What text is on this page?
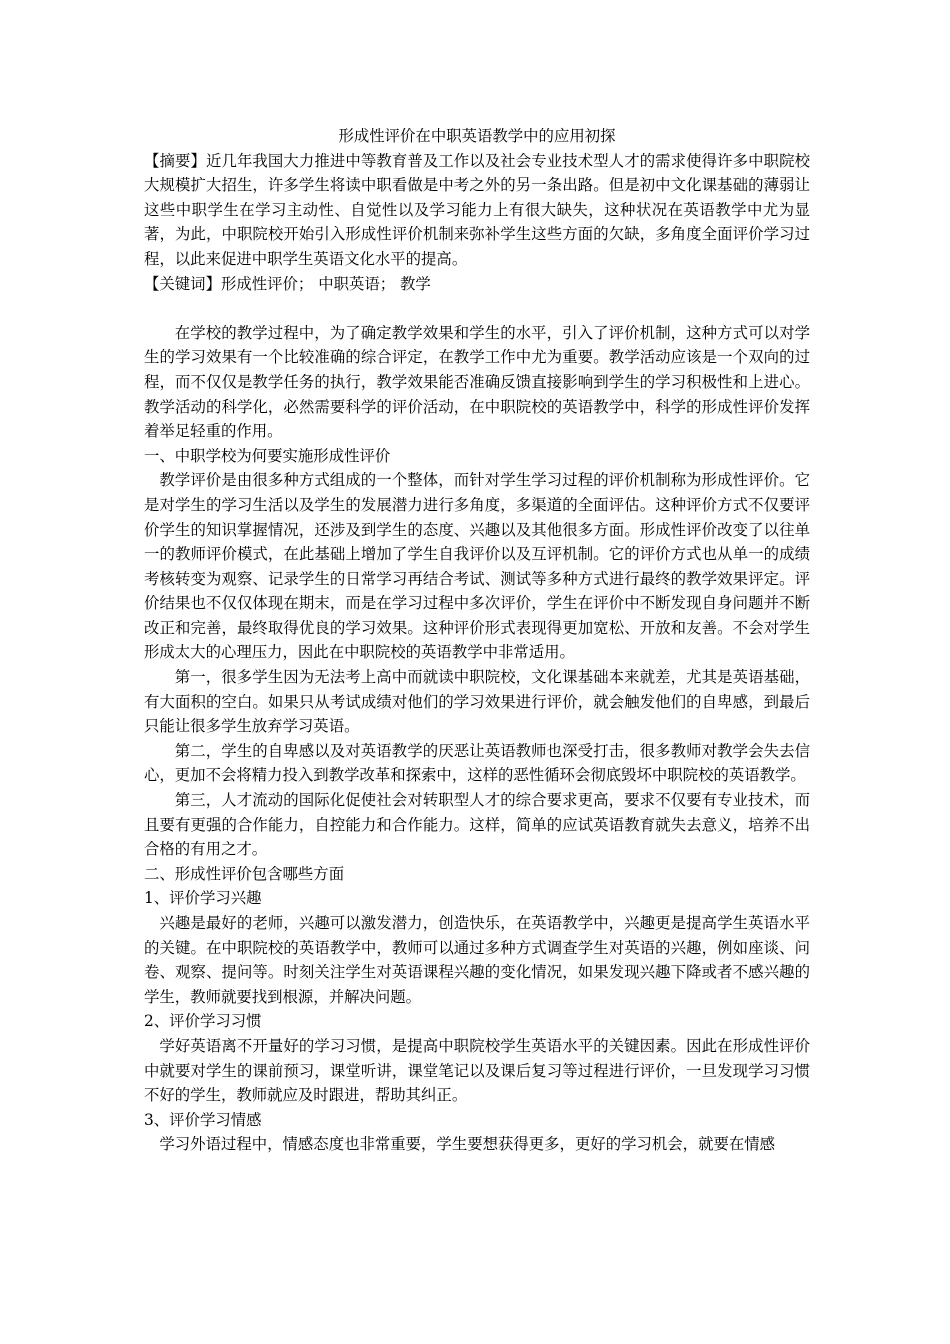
形成性评价在中职英语教学中的应用初探

【摘要】近几年我国大力推进中等教育普及工作以及社会专业技术型人才的需求使得许多中职院校大规模扩大招生，许多学生将读中职看做是中考之外的另一条出路。但是初中文化课基础的薄弱让这些中职学生在学习主动性、自觉性以及学习能力上有很大缺失，这种状况在英语教学中尤为显著，为此，中职院校开始引入形成性评价机制来弥补学生这些方面的欠缺，多角度全面评价学习过程，以此来促进中职学生英语文化水平的提高。

【关键词】形成性评价； 中职英语； 教学

在学校的教学过程中，为了确定教学效果和学生的水平，引入了评价机制，这种方式可以对学生的学习效果有一个比较准确的综合评定，在教学工作中尤为重要。教学活动应该是一个双向的过程，而不仅仅是教学任务的执行，教学效果能否准确反馈直接影响到学生的学习积极性和上进心。教学活动的科学化，必然需要科学的评价活动，在中职院校的英语教学中，科学的形成性评价发挥着举足轻重的作用。

一、中职学校为何要实施形成性评价

教学评价是由很多种方式组成的一个整体，而针对学生学习过程的评价机制称为形成性评价。它是对学生的学习生活以及学生的发展潜力进行多角度，多渠道的全面评估。这种评价方式不仅要评价学生的知识掌握情况，还涉及到学生的态度、兴趣以及其他很多方面。形成性评价改变了以往单一的教师评价模式，在此基础上增加了学生自我评价以及互评机制。它的评价方式也从单一的成绩考核转变为观察、记录学生的日常学习再结合考试、测试等多种方式进行最终的教学效果评定。评价结果也不仅仅体现在期末，而是在学习过程中多次评价，学生在评价中不断发现自身问题并不断改正和完善，最终取得优良的学习效果。这种评价形式表现得更加宽松、开放和友善。不会对学生形成太大的心理压力，因此在中职院校的英语教学中非常适用。

第一，很多学生因为无法考上高中而就读中职院校，文化课基础本来就差，尤其是英语基础，有大面积的空白。如果只从考试成绩对他们的学习效果进行评价，就会触发他们的自卑感，到最后只能让很多学生放弃学习英语。

第二，学生的自卑感以及对英语教学的厌恶让英语教师也深受打击，很多教师对教学会失去信心，更加不会将精力投入到教学改革和探索中，这样的恶性循环会彻底毁坏中职院校的英语教学。

第三，人才流动的国际化促使社会对转职型人才的综合要求更高，要求不仅要有专业技术，而且要有更强的合作能力，自控能力和合作能力。这样，简单的应试英语教育就失去意义，培养不出合格的有用之才。

二、形成性评价包含哪些方面

1、评价学习兴趣

兴趣是最好的老师，兴趣可以激发潜力，创造快乐，在英语教学中，兴趣更是提高学生英语水平的关键。在中职院校的英语教学中，教师可以通过多种方式调查学生对英语的兴趣，例如座谈、问卷、观察、提问等。时刻关注学生对英语课程兴趣的变化情况，如果发现兴趣下降或者不感兴趣的学生，教师就要找到根源，并解决问题。

2、评价学习习惯

学好英语离不开量好的学习习惯，是提高中职院校学生英语水平的关键因素。因此在形成性评价中就要对学生的课前预习，课堂听讲，课堂笔记以及课后复习等过程进行评价，一旦发现学习习惯不好的学生，教师就应及时跟进，帮助其纠正。

3、评价学习情感

学习外语过程中，情感态度也非常重要，学生要想获得更多，更好的学习机会，就要在情感
